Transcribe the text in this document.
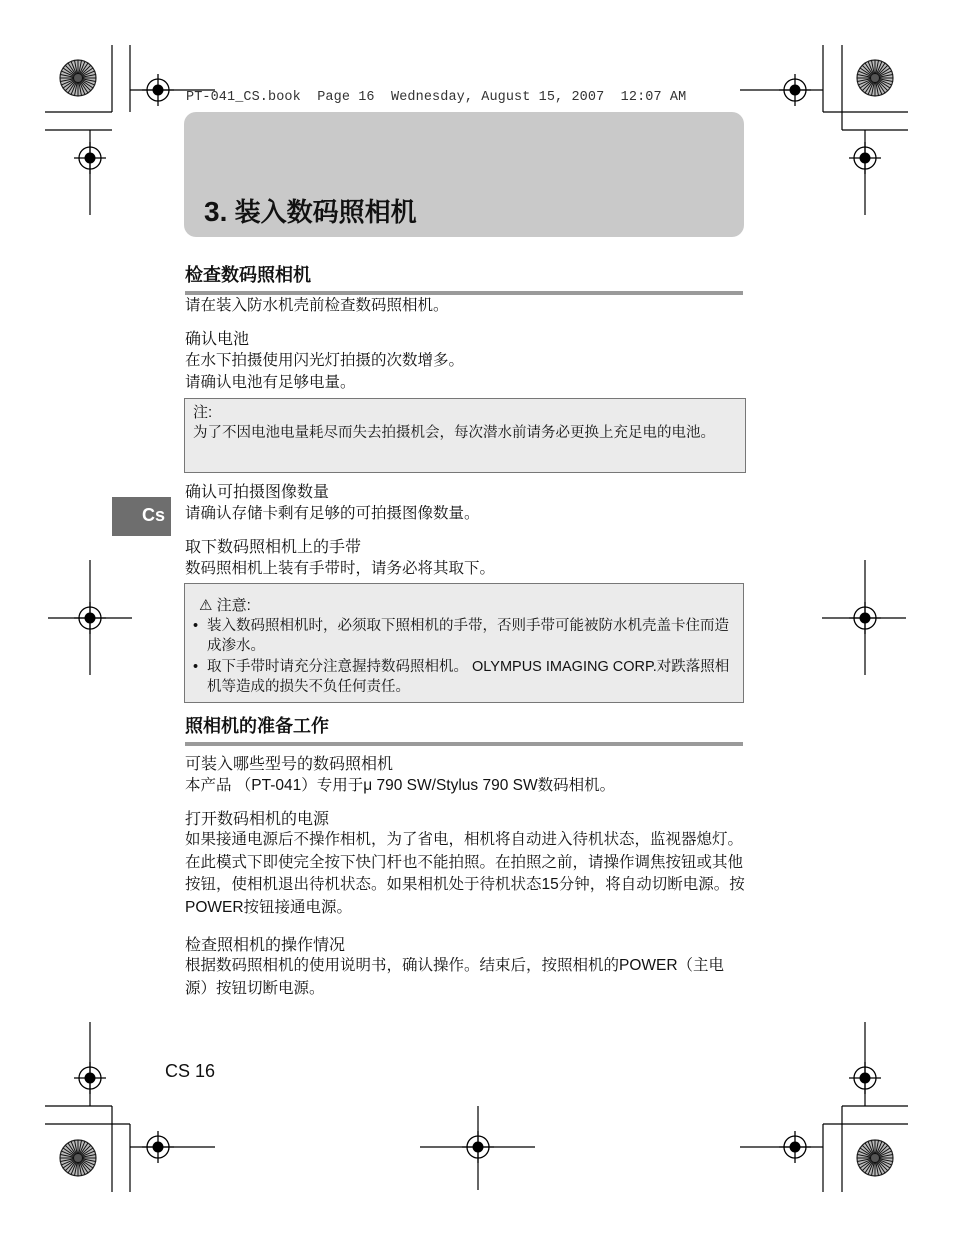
PT-041_CS.book  Page 16  Wednesday, August 15, 2007  12:07 AM
3. 装入数码照相机
Cs
检查数码照相机
请在装入防水机壳前检查数码照相机。
确认电池
在水下拍摄使用闪光灯拍摄的次数增多。
请确认电池有足够电量。
注:
为了不因电池电量耗尽而失去拍摄机会，每次潜水前请务必更换上充足电的电池。
确认可拍摄图像数量
请确认存储卡剩有足够的可拍摄图像数量。
取下数码照相机上的手带
数码照相机上装有手带时，请务必将其取下。
⚠ 注意:
• 装入数码照相机时，必须取下照相机的手带，否则手带可能被防水机壳盖卡住而造成渗水。
• 取下手带时请充分注意握持数码照相机。 OLYMPUS IMAGING CORP.对跌落照相机等造成的损失不负任何责任。
照相机的准备工作
可装入哪些型号的数码照相机
本产品 （PT-041）专用于μ 790 SW/Stylus 790 SW数码相机。
打开数码相机的电源
如果接通电源后不操作相机，为了省电，相机将自动进入待机状态，监视器熄灯。在此模式下即使完全按下快门杆也不能拍照。在拍照之前，请操作调焦按钮或其他按钮，使相机退出待机状态。如果相机处于待机状态15分钟，将自动切断电源。按POWER按钮接通电源。
检查照相机的操作情况
根据数码照相机的使用说明书，确认操作。结束后，按照相机的POWER（主电源）按钮切断电源。
CS 16
